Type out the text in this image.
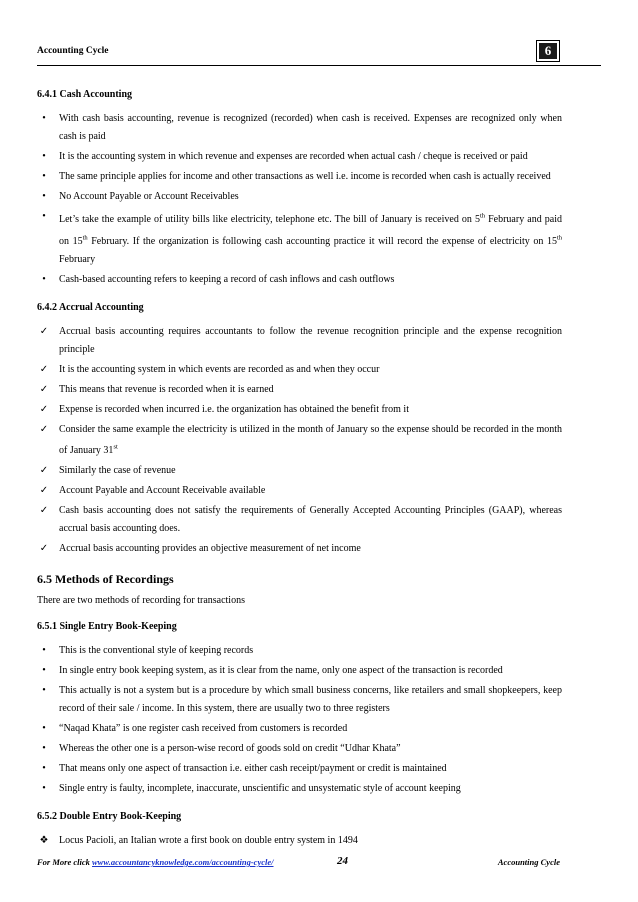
Accounting Cycle	6
6.4.1 Cash Accounting
•	With cash basis accounting, revenue is recognized (recorded) when cash is received. Expenses are recognized only when cash is paid
•	It is the accounting system in which revenue and expenses are recorded when actual cash / cheque is received or paid
•	The same principle applies for income and other transactions as well i.e. income is recorded when cash is actually received
•	No Account Payable or Account Receivables
•	Let’s take the example of utility bills like electricity, telephone etc. The bill of January is received on 5th February and paid on 15th February. If the organization is following cash accounting practice it will record the expense of electricity on 15th February
•	Cash-based accounting refers to keeping a record of cash inflows and cash outflows
6.4.2 Accrual Accounting
✓ Accrual basis accounting requires accountants to follow the revenue recognition principle and the expense recognition principle
✓ It is the accounting system in which events are recorded as and when they occur
✓ This means that revenue is recorded when it is earned
✓ Expense is recorded when incurred i.e. the organization has obtained the benefit from it
✓ Consider the same example the electricity is utilized in the month of January so the expense should be recorded in the month of January 31st
✓ Similarly the case of revenue
✓ Account Payable and Account Receivable available
✓ Cash basis accounting does not satisfy the requirements of Generally Accepted Accounting Principles (GAAP), whereas accrual basis accounting does.
✓ Accrual basis accounting provides an objective measurement of net income
6.5 Methods of Recordings
There are two methods of recording for transactions
6.5.1 Single Entry Book-Keeping
•	This is the conventional style of keeping records
•	In single entry book keeping system, as it is clear from the name, only one aspect of the transaction is recorded
•	This actually is not a system but is a procedure by which small business concerns, like retailers and small shopkeepers, keep record of their sale / income. In this system, there are usually two to three registers
•	“Naqad Khata” is one register cash received from customers is recorded
•	Whereas the other one is a person-wise record of goods sold on credit “Udhar Khata”
•	That means only one aspect of transaction i.e. either cash receipt/payment or credit is maintained
•	Single entry is faulty, incomplete, inaccurate, unscientific and unsystematic style of account keeping
6.5.2 Double Entry Book-Keeping
❖ Locus Pacioli, an Italian wrote a first book on double entry system in 1494
For More click www.accountancyknowledge.com/accounting-cycle/	24	Accounting Cycle
